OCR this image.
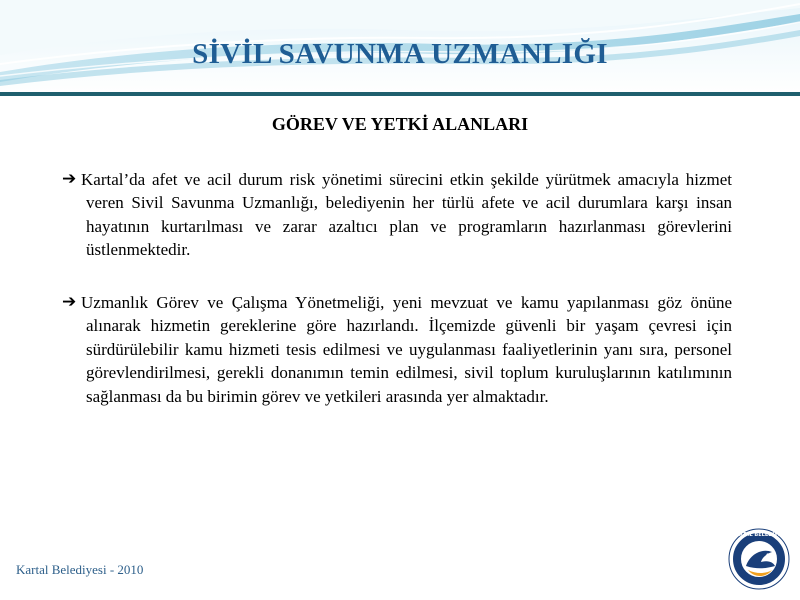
SİVİL SAVUNMA UZMANLIĞI
GÖREV VE YETKİ ALANLARI
➔ Kartal’da afet ve acil durum risk yönetimi sürecini etkin şekilde yürütmek amacıyla hizmet veren Sivil Savunma Uzmanlığı, belediyenin her türlü afete ve acil durumlara karşı insan hayatının kurtarılması ve zarar azaltıcı plan ve programların hazırlanması görevlerini üstlenmektedir.
➔ Uzmanlık Görev ve Çalışma Yönetmeliği, yeni mevzuat ve kamu yapılanması göz önüne alınarak hizmetin gereklerine göre hazırlandı. İlçemizde güvenli bir yaşam çevresi için sürdürülebilir kamu hizmeti tesis edilmesi ve uygulanması faaliyetlerinin yanı sıra, personel görevlendirilmesi, gerekli donanımın temin edilmesi, sivil toplum kuruluşlarının katılımının sağlanması da bu birimin görev ve yetkileri arasında yer almaktadır.
Kartal Belediyesi - 2010
KARTAL BELEDİYESİ
